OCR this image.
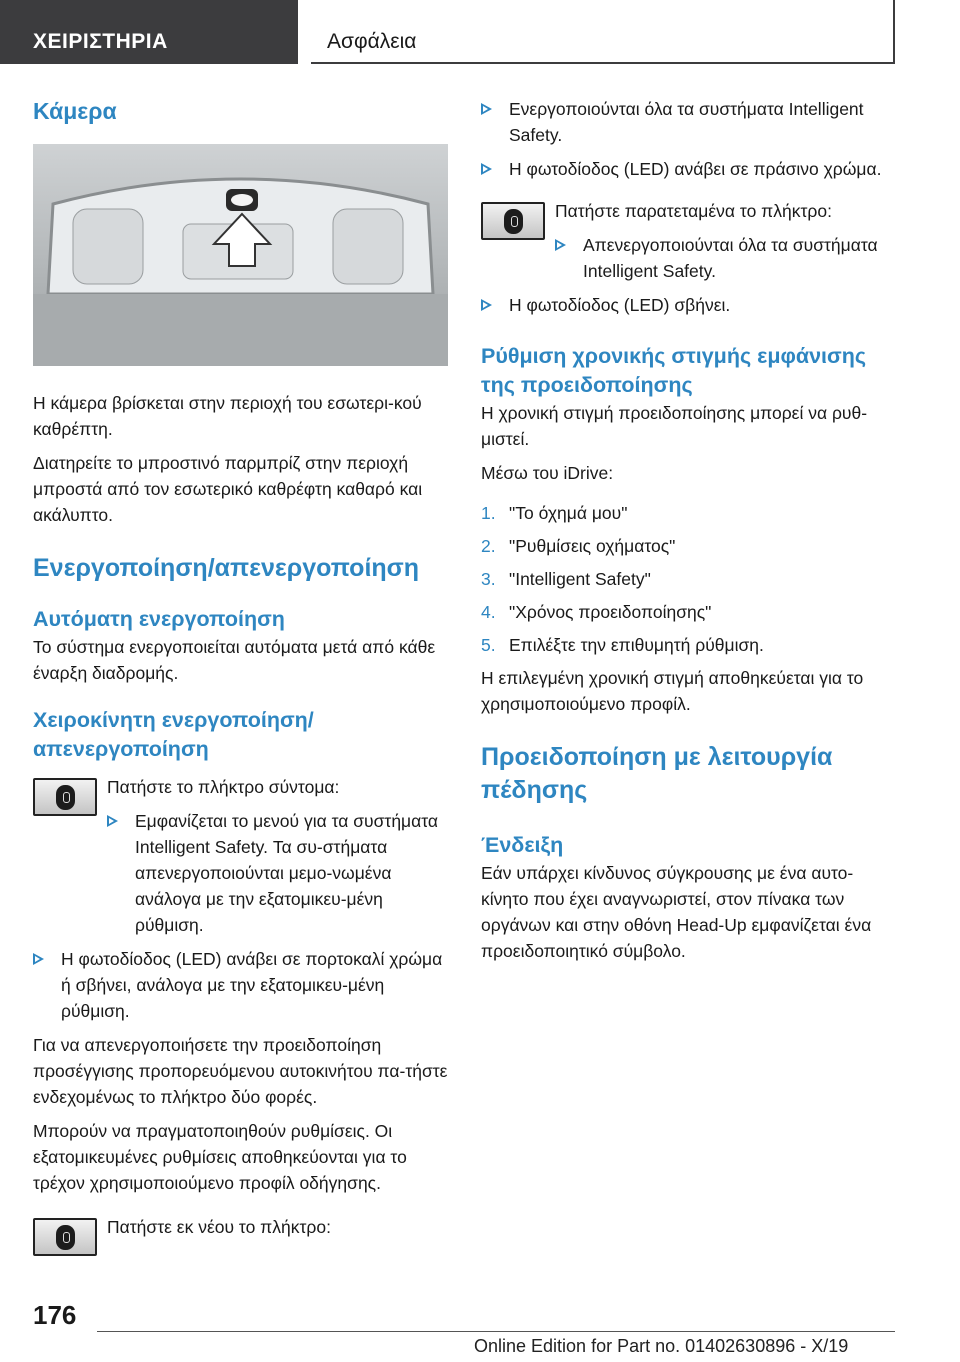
ΧΕΙΡΙΣΤΗΡΙΑ	Ασφάλεια
Κάμερα

Η κάμερα βρίσκεται στην περιοχή του εσωτερι-κού καθρέπτη.

Διατηρείτε το μπροστινό παρμπρίζ στην περιοχή μπροστά από τον εσωτερικό καθρέφτη καθαρό και ακάλυπτο.

Ενεργοποίηση/απενεργοποίηση
Αυτόματη ενεργοποίηση

Το σύστημα ενεργοποιείται αυτόματα μετά από κάθε έναρξη διαδρομής.

Χειροκίνητη ενεργοποίηση/απενεργοποίηση

Πατήστε το πλήκτρο σύντομα:

Εμφανίζεται το μενού για τα συστήματα Intelligent Safety. Τα συ-στήματα απενεργοποιούνται μεμο-νωμένα ανάλογα με την εξατομικευ-μένη ρύθμιση.
Η φωτοδίοδος (LED) ανάβει σε πορτοκαλί χρώμα ή σβήνει, ανάλογα με την εξατομικευ-μένη ρύθμιση.

Για να απενεργοποιήσετε την προειδοποίηση προσέγγισης προπορευόμενου αυτοκινήτου πα-τήστε ενδεχομένως το πλήκτρο δύο φορές.

Μπορούν να πραγματοποιηθούν ρυθμίσεις. Οι εξατομικευμένες ρυθμίσεις αποθηκεύονται για το τρέχον χρησιμοποιούμενο προφίλ οδήγησης.

Πατήστε εκ νέου το πλήκτρο:

Ενεργοποιούνται όλα τα συστήματα Intelligent Safety.
Η φωτοδίοδος (LED) ανάβει σε πράσινο χρώμα.

Πατήστε παρατεταμένα το πλήκτρο:

Απενεργοποιούνται όλα τα συστήματα Intelligent Safety.
Η φωτοδίοδος (LED) σβήνει.
Ρύθμιση χρονικής στιγμής εμφάνισης της προειδοποίησης

Η χρονική στιγμή προειδοποίησης μπορεί να ρυθ-μιστεί.

Μέσω του iDrive:

1. "Το όχημά μου"
2. "Ρυθμίσεις οχήματος"
3. "Intelligent Safety"
4. "Χρόνος προειδοποίησης"
5. Επιλέξτε την επιθυμητή ρύθμιση.

Η επιλεγμένη χρονική στιγμή αποθηκεύεται για το χρησιμοποιούμενο προφίλ.

Προειδοποίηση με λειτουργία πέδησης
Ένδειξη

Εάν υπάρχει κίνδυνος σύγκρουσης με ένα αυτο-κίνητο που έχει αναγνωριστεί, στον πίνακα των οργάνων και στην οθόνη Head-Up εμφανίζεται ένα προειδοποιητικό σύμβολο.

176
Online Edition for Part no. 01402630896 - X/19
